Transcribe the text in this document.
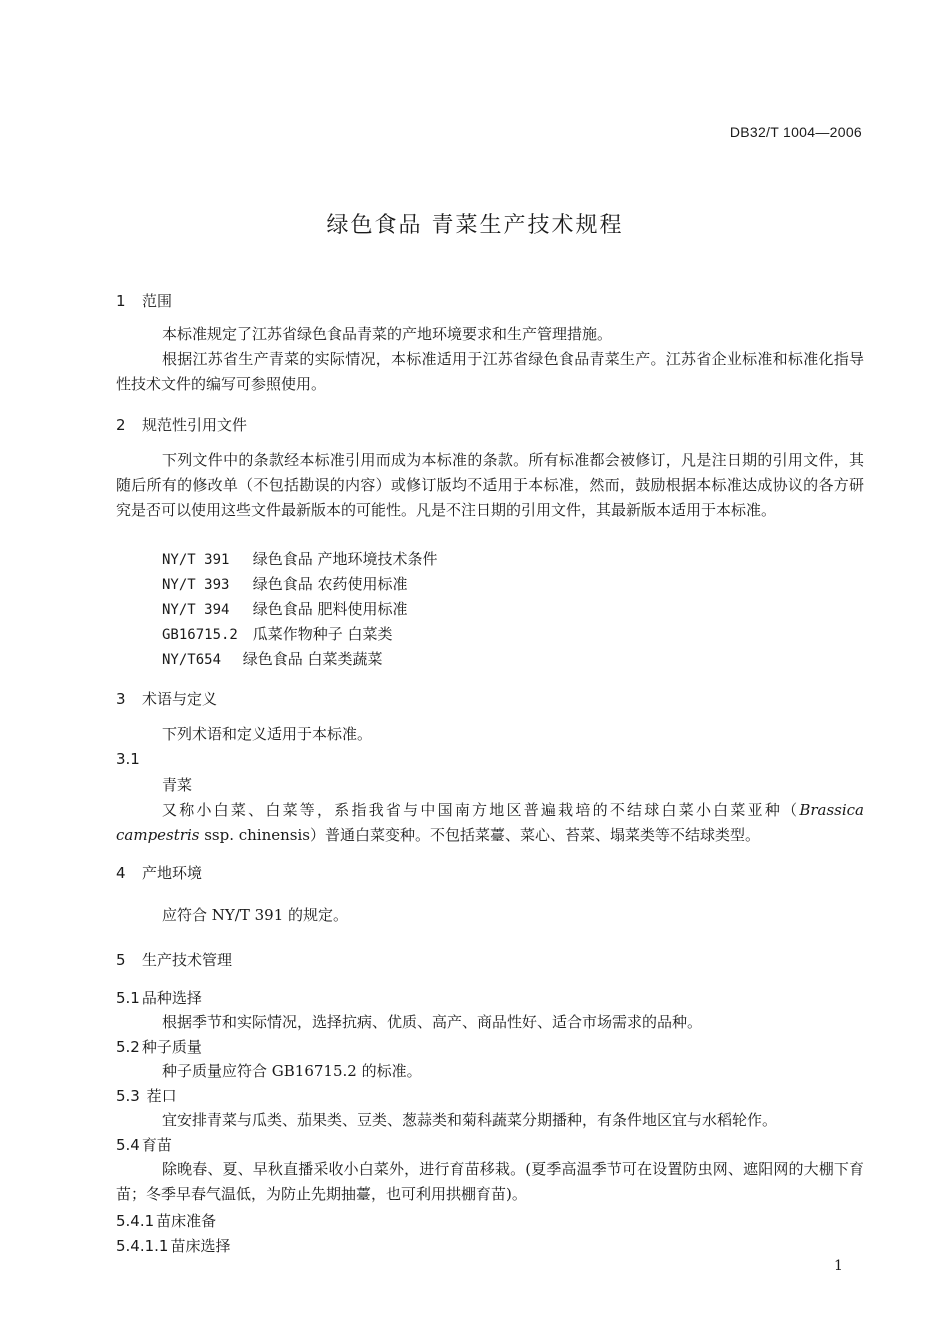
DB32/T 1004—2006
绿色食品 青菜生产技术规程
1 范围
本标准规定了江苏省绿色食品青菜的产地环境要求和生产管理措施。
根据江苏省生产青菜的实际情况，本标准适用于江苏省绿色食品青菜生产。江苏省企业标准和标准化指导性技术文件的编写可参照使用。
2 规范性引用文件
下列文件中的条款经本标准引用而成为本标准的条款。所有标准都会被修订，凡是注日期的引用文件，其随后所有的修改单（不包括勘误的内容）或修订版均不适用于本标准，然而，鼓励根据本标准达成协议的各方研究是否可以使用这些文件最新版本的可能性。凡是不注日期的引用文件，其最新版本适用于本标准。
NY/T 391 绿色食品 产地环境技术条件
NY/T 393 绿色食品 农药使用标准
NY/T 394 绿色食品 肥料使用标准
GB16715.2 瓜菜作物种子 白菜类
NY/T654 绿色食品 白菜类蔬菜
3 术语与定义
下列术语和定义适用于本标准。
3.1
青菜
又称小白菜、白菜等，系指我省与中国南方地区普遍栽培的不结球白菜小白菜亚种（Brassica campestris ssp. chinensis）普通白菜变种。不包括菜薹、菜心、苔菜、塌菜类等不结球类型。
4 产地环境
应符合 NY/T 391 的规定。
5 生产技术管理
5.1 品种选择
根据季节和实际情况，选择抗病、优质、高产、商品性好、适合市场需求的品种。
5.2 种子质量
种子质量应符合 GB16715.2 的标准。
5.3 茬口
宜安排青菜与瓜类、茄果类、豆类、葱蒜类和菊科蔬菜分期播种，有条件地区宜与水稻轮作。
5.4 育苗
除晚春、夏、早秋直播采收小白菜外，进行育苗移栽。(夏季高温季节可在设置防虫网、遮阳网的大棚下育苗；冬季早春气温低，为防止先期抽薹，也可利用拱棚育苗)。
5.4.1 苗床准备
5.4.1.1 苗床选择
1
